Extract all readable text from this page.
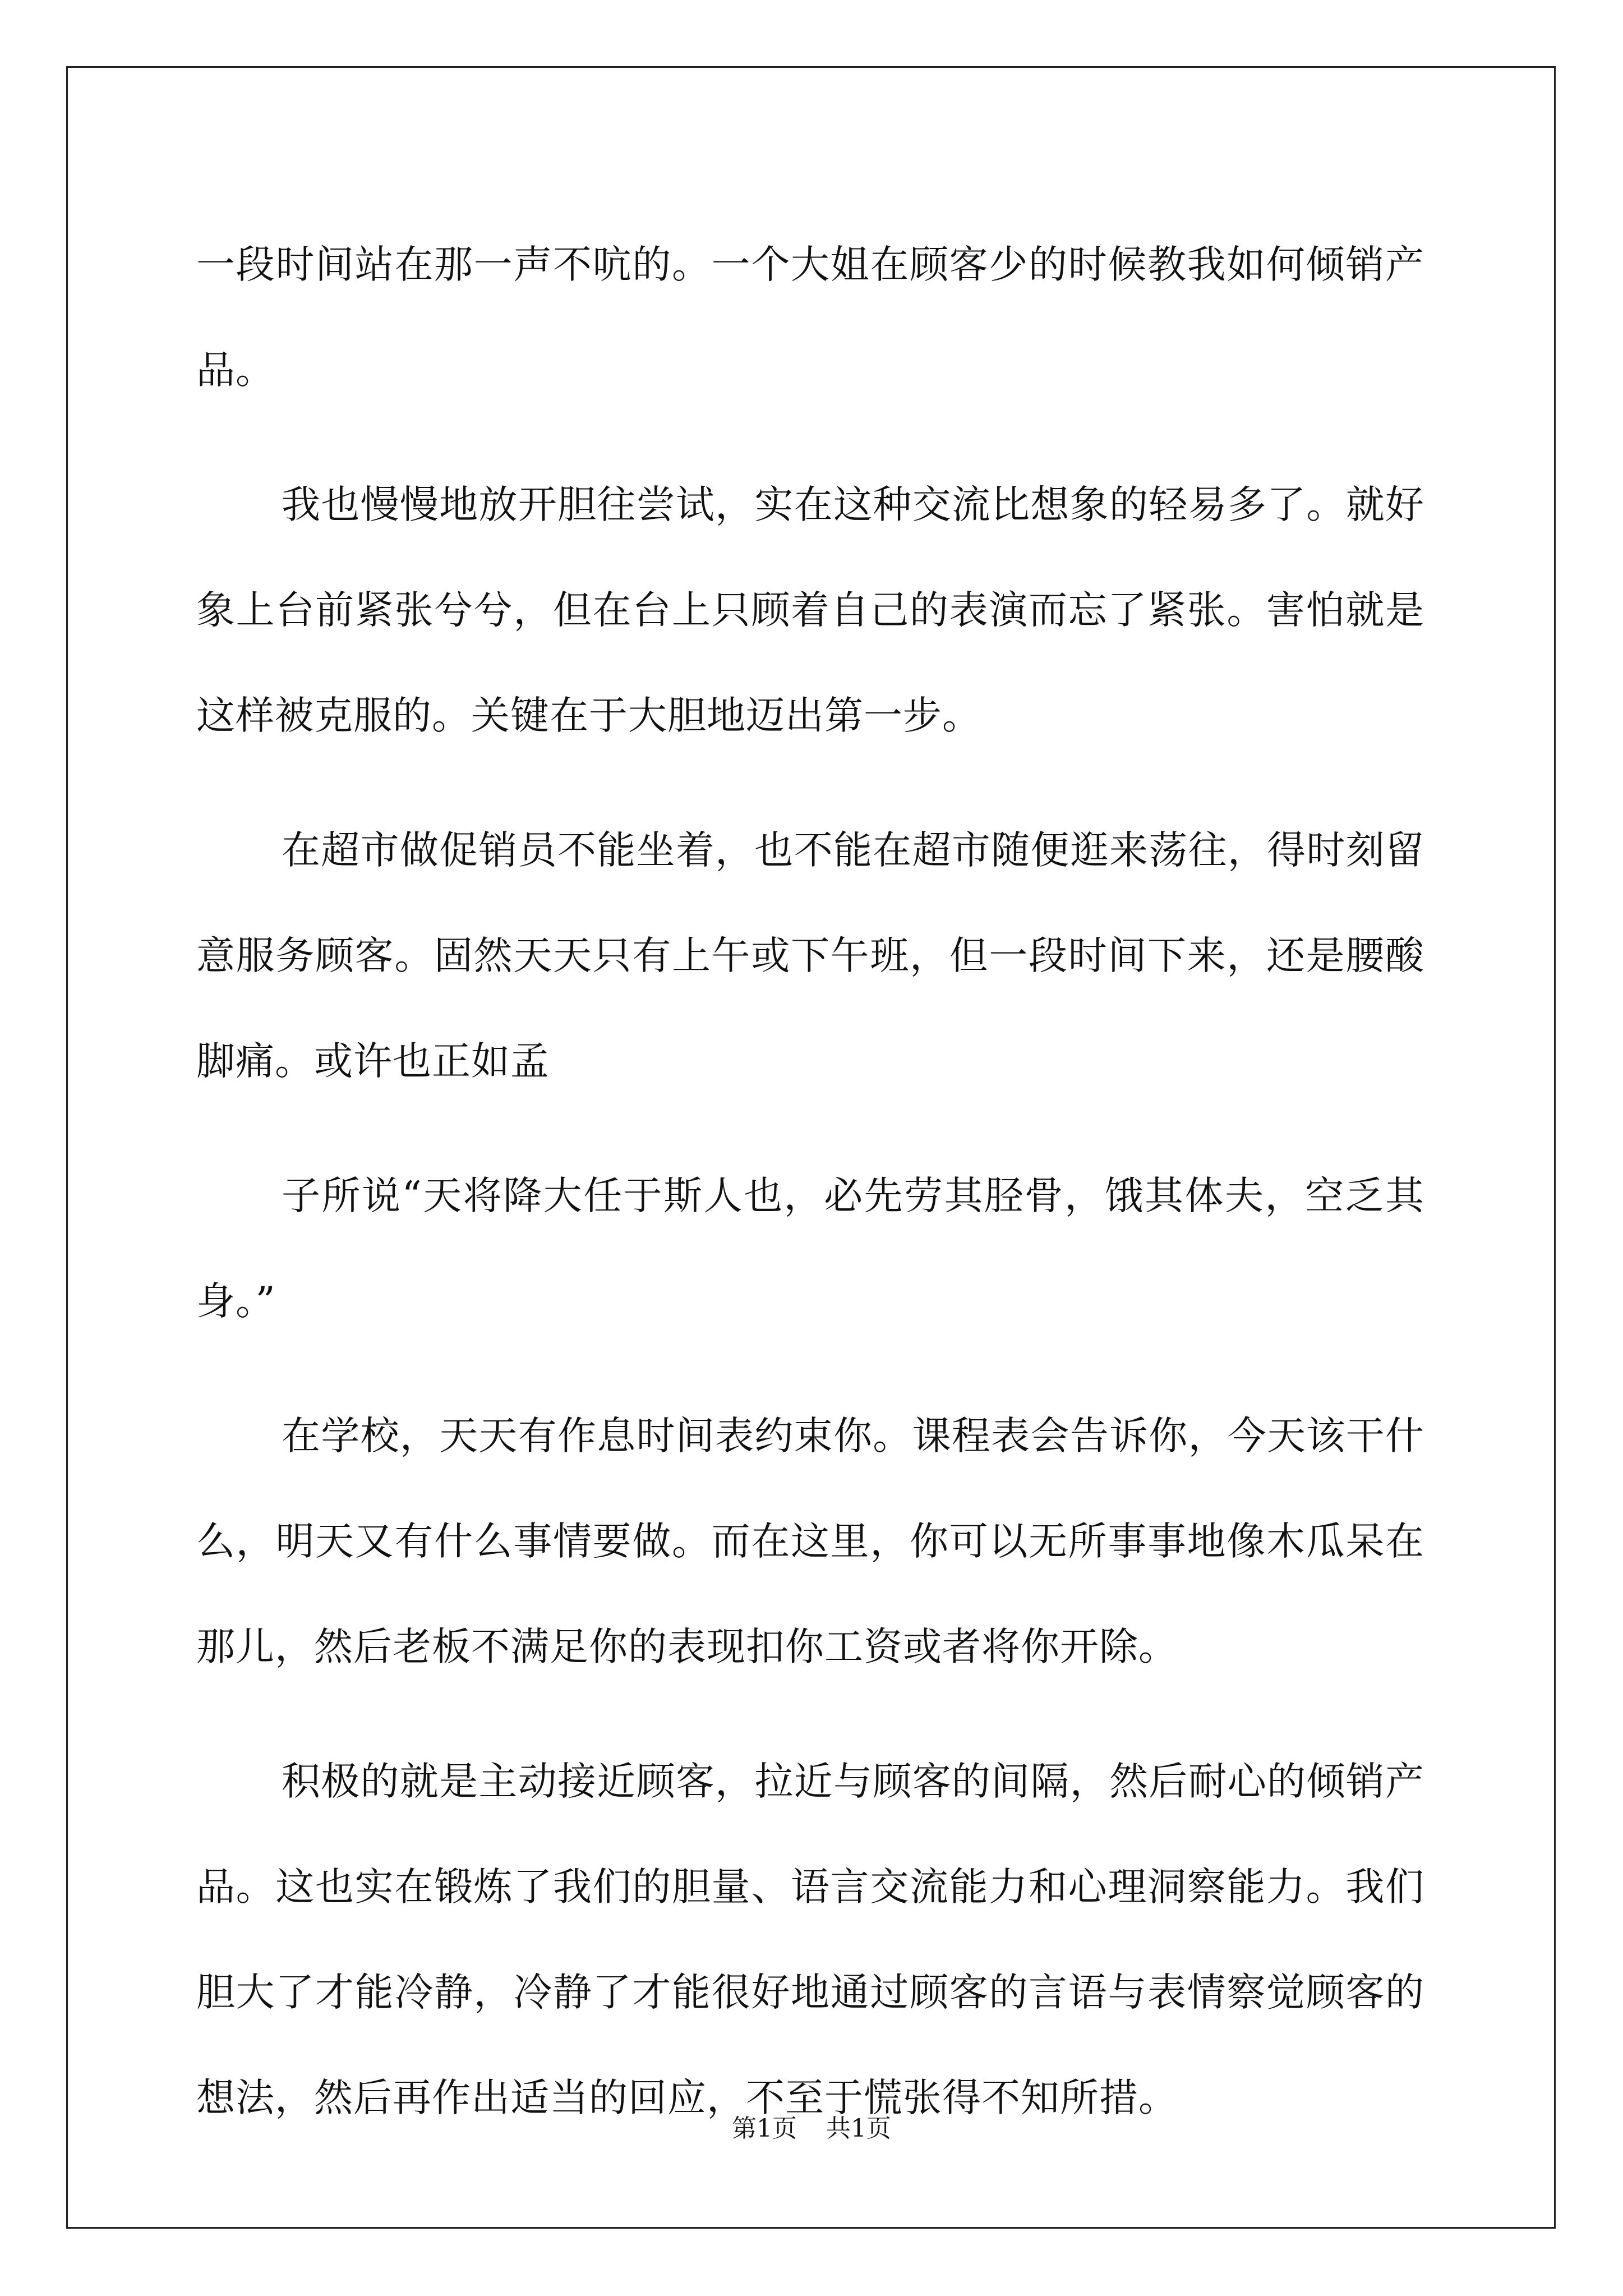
一段时间站在那一声不吭的。一个大姐在顾客少的时候教我如何倾销产品。

我也慢慢地放开胆往尝试，实在这种交流比想象的轻易多了。就好象上台前紧张兮兮，但在台上只顾着自己的表演而忘了紧张。害怕就是这样被克服的。关键在于大胆地迈出第一步。

在超市做促销员不能坐着，也不能在超市随便逛来荡往，得时刻留意服务顾客。固然天天只有上午或下午班，但一段时间下来，还是腰酸脚痛。或许也正如孟

子所说“天将降大任于斯人也，必先劳其胫骨，饿其体夫，空乏其身。”

在学校，天天有作息时间表约束你。课程表会告诉你，今天该干什么，明天又有什么事情要做。而在这里，你可以无所事事地像木瓜呆在那儿，然后老板不满足你的表现扣你工资或者将你开除。

积极的就是主动接近顾客，拉近与顾客的间隔，然后耐心的倾销产品。这也实在锻炼了我们的胆量、语言交流能力和心理洞察能力。我们胆大了才能冷静，冷静了才能很好地通过顾客的言语与表情察觉顾客的想法，然后再作出适当的回应，不至于慌张得不知所措。

第1页 共1页
